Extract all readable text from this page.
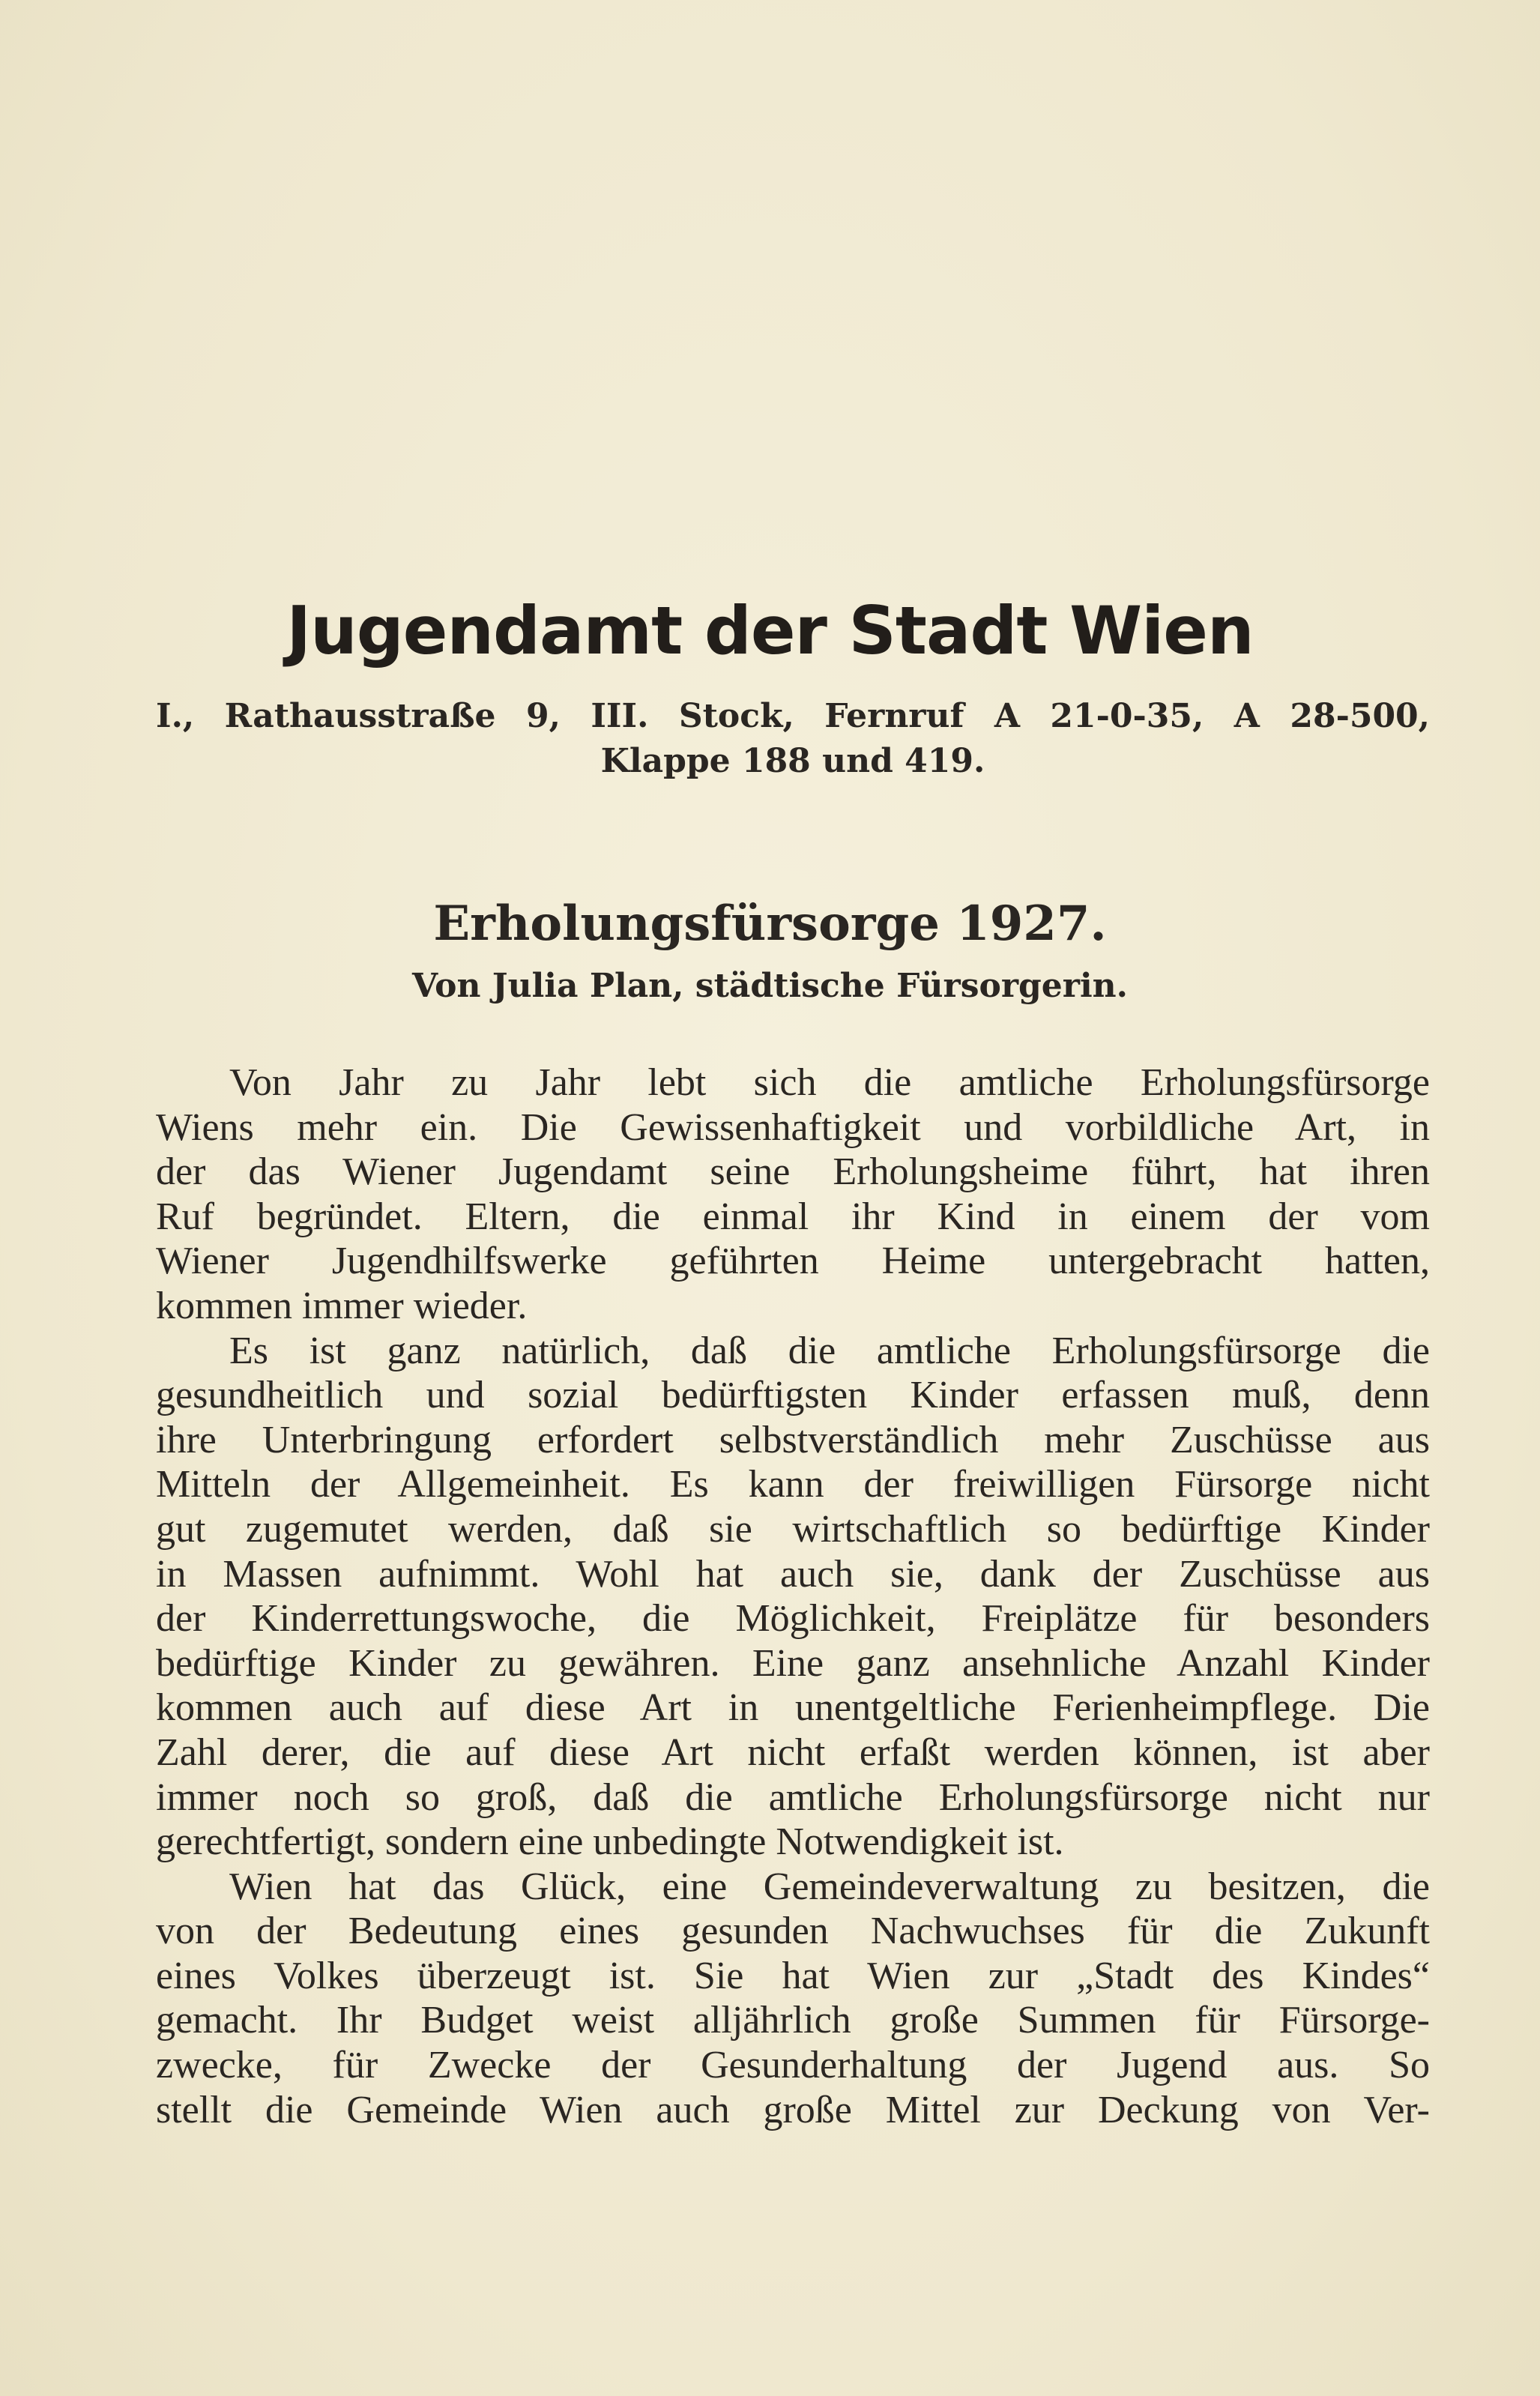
Jugendamt der Stadt Wien
I., Rathausstraße 9, III. Stock, Fernruf A 21-0-35, A 28-500,
Klappe 188 und 419.
Erholungsfürsorge 1927.
Von Julia Plan, städtische Fürsorgerin.
Von Jahr zu Jahr lebt sich die amtliche Erholungsfürsorge
Wiens mehr ein. Die Gewissenhaftigkeit und vorbildliche Art, in
der das Wiener Jugendamt seine Erholungsheime führt, hat ihren
Ruf begründet. Eltern, die einmal ihr Kind in einem der vom
Wiener Jugendhilfswerke geführten Heime untergebracht hatten,
kommen immer wieder.
Es ist ganz natürlich, daß die amtliche Erholungsfürsorge die
gesundheitlich und sozial bedürftigsten Kinder erfassen muß, denn
ihre Unterbringung erfordert selbstverständlich mehr Zuschüsse aus
Mitteln der Allgemeinheit. Es kann der freiwilligen Fürsorge nicht
gut zugemutet werden, daß sie wirtschaftlich so bedürftige Kinder
in Massen aufnimmt. Wohl hat auch sie, dank der Zuschüsse aus
der Kinderrettungswoche, die Möglichkeit, Freiplätze für besonders
bedürftige Kinder zu gewähren. Eine ganz ansehnliche Anzahl Kinder
kommen auch auf diese Art in unentgeltliche Ferienheimpflege. Die
Zahl derer, die auf diese Art nicht erfaßt werden können, ist aber
immer noch so groß, daß die amtliche Erholungsfürsorge nicht nur
gerechtfertigt, sondern eine unbedingte Notwendigkeit ist.
Wien hat das Glück, eine Gemeindeverwaltung zu besitzen, die
von der Bedeutung eines gesunden Nachwuchses für die Zukunft
eines Volkes überzeugt ist. Sie hat Wien zur „Stadt des Kindes“
gemacht. Ihr Budget weist alljährlich große Summen für Fürsorge-
zwecke, für Zwecke der Gesunderhaltung der Jugend aus. So
stellt die Gemeinde Wien auch große Mittel zur Deckung von Ver-
